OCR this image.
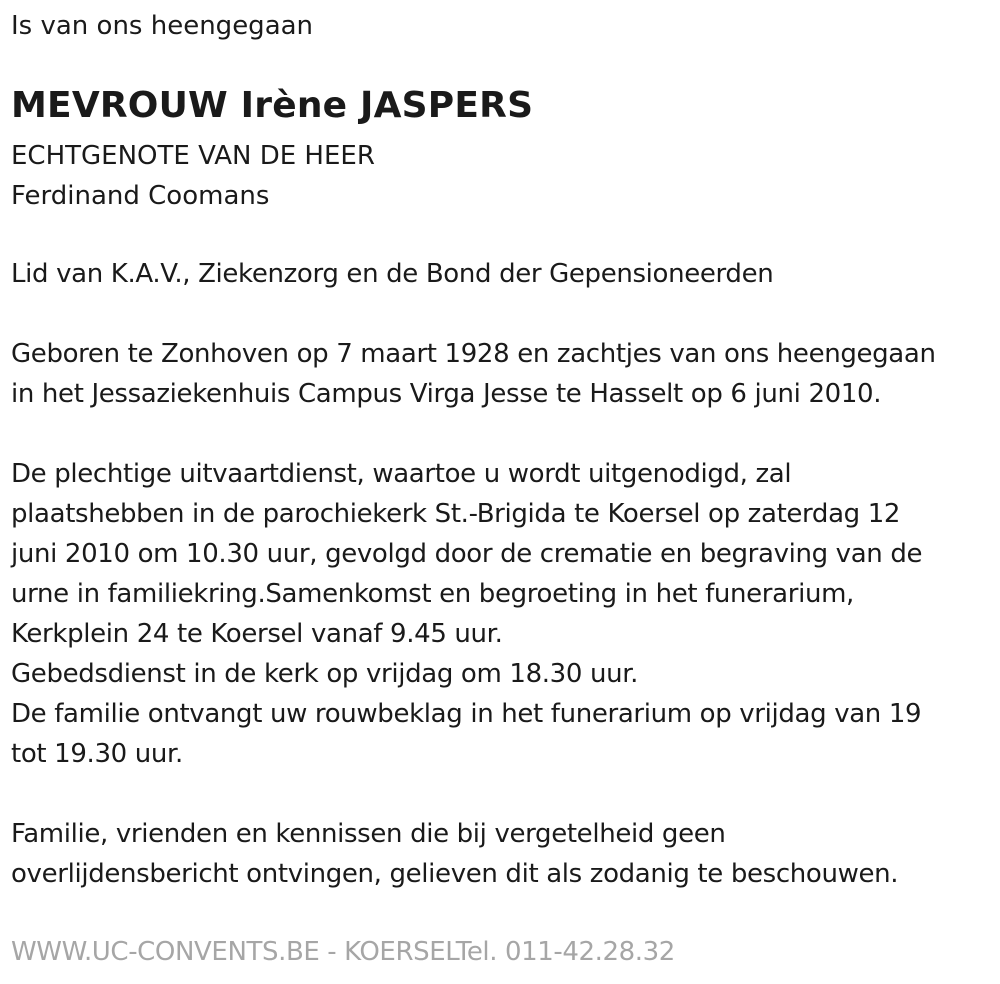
Is van ons heengegaan
MEVROUW Irène JASPERS
ECHTGENOTE VAN DE HEER
Ferdinand Coomans
Lid van K.A.V., Ziekenzorg en de Bond der Gepensioneerden
Geboren te Zonhoven op 7 maart 1928 en zachtjes van ons heengegaan
in het Jessaziekenhuis Campus Virga Jesse te Hasselt op 6 juni 2010.
De plechtige uitvaartdienst, waartoe u wordt uitgenodigd, zal
plaatshebben in de parochiekerk St.-Brigida te Koersel op zaterdag 12
juni 2010 om 10.30 uur, gevolgd door de crematie en begraving van de
urne in familiekring.Samenkomst en begroeting in het funerarium,
Kerkplein 24 te Koersel vanaf 9.45 uur.
Gebedsdienst in de kerk op vrijdag om 18.30 uur.
De familie ontvangt uw rouwbeklag in het funerarium op vrijdag van 19
tot 19.30 uur.
Familie, vrienden en kennissen die bij vergetelheid geen
overlijdensbericht ontvingen, gelieven dit als zodanig te beschouwen.
WWW.UC-CONVENTS.BE - KOERSELTel. 011-42.28.32
